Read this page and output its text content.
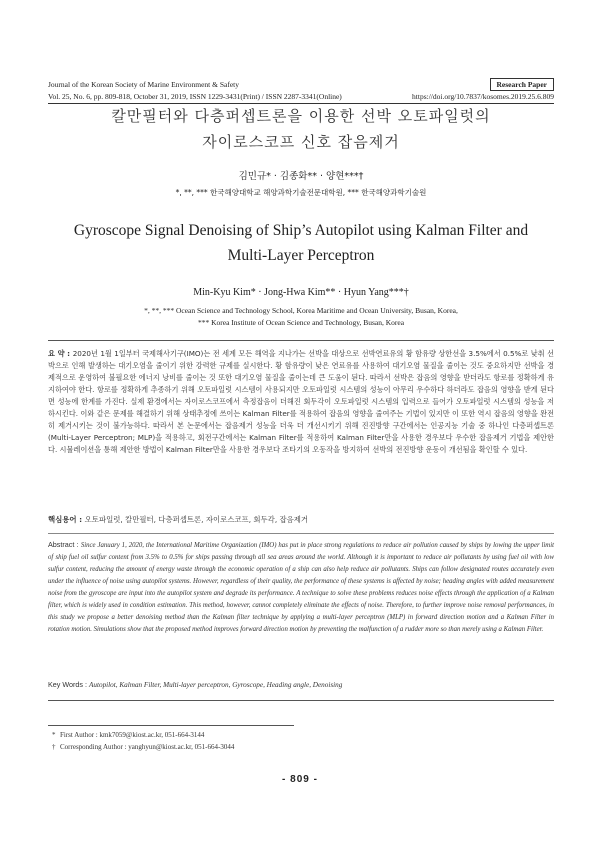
Journal of the Korean Society of Marine Environment & Safety	Research Paper
Vol. 25, No. 6, pp. 809-818, October 31, 2019, ISSN 1229-3431(Print) / ISSN 2287-3341(Online)	https://doi.org/10.7837/kosomes.2019.25.6.809
칼만필터와 다층퍼셉트론을 이용한 선박 오토파일럿의
자이로스코프 신호 잡음제거
김민규* · 김종화** · 양현***†
*, **, *** 한국해양대학교 해양과학기술전문대학원, *** 한국해양과학기술원
Gyroscope Signal Denoising of Ship’s Autopilot using Kalman Filter and
Multi-Layer Perceptron
Min-Kyu Kim* · Jong-Hwa Kim** · Hyun Yang***†
*, **, *** Ocean Science and Technology School, Korea Maritime and Ocean University, Busan, Korea,
*** Korea Institute of Ocean Science and Technology, Busan, Korea
요 약 : 2020년 1월 1일부터 국제해사기구(IMO)는 전 세계 모든 해역을 지나가는 선박을 대상으로 선박연료유의 황 함유량 상한선을 3.5%에서 0.5%로 낮춰 선박으로 인해 발생하는 대기오염을 줄이기 위한 강력한 규제를 실시한다. 황 함유량이 낮은 연료유를 사용하여 대기오염 물질을 줄이는 것도 중요하지만 선박을 경제적으로 운영하여 불필요한 에너지 낭비를 줄이는 것 또한 대기오염 물질을 줄이는데 큰 도움이 된다. 따라서 선박은 잡음의 영향을 받더라도 항로를 정확하게 유지하여야 한다. 항로를 정확하게 추종하기 위해 오토파일럿 시스템이 사용되지만 오토파일럿 시스템의 성능이 아무리 우수하다 하더라도 잡음의 영향을 받게 된다면 성능에 한계를 가진다. 실제 환경에서는 자이로스코프에서 측정잡음이 더해진 회두각이 오토파일럿 시스템의 입력으로 들어가 오토파일럿 시스템의 성능을 저하시킨다. 이와 같은 문제를 해결하기 위해 상태추정에 쓰이는 Kalman Filter를 적용하여 잡음의 영향을 줄여주는 기법이 있지만 이 또한 역시 잡음의 영향을 완전히 제거시키는 것이 불가능하다. 따라서 본 논문에서는 잡음제거 성능을 더욱 더 개선시키기 위해 진진방향 구간에서는 인공지능 기술 중 하나인 다층퍼셉트론(Multi-Layer Perceptron; MLP)을 적용하고, 회전구간에서는 Kalman Filter를 적용하여 Kalman Filter만을 사용한 경우보다 우수한 잡음제거 기법을 제안한다. 시뮬레이션을 통해 제안한 방법이 Kalman Filter만을 사용한 경우보다 조타기의 오동작을 방지하여 선박의 전진방향 운동이 개선됨을 확인할 수 있다.
핵심용어 : 오토파일럿, 칼만필터, 다층퍼셉트론, 자이로스코프, 회두각, 잡음제거
Abstract : Since January 1, 2020, the International Maritime Organization (IMO) has put in place strong regulations to reduce air pollution caused by ships by lowing the upper limit of ship fuel oil sulfur content from 3.5% to 0.5% for ships passing through all sea areas around the world. Although it is important to reduce air pollutants by using fuel oil with low sulfur content, reducing the amount of energy waste through the economic operation of a ship can also help reduce air pollutants. Ships can follow designated routes accurately even under the influence of noise using autopilot systems. However, regardless of their quality, the performance of these systems is affected by noise; heading angles with added measurement noise from the gyroscope are input into the autopilot system and degrade its performance. A technique to solve these problems reduces noise effects through the application of a Kalman filter, which is widely used in condition estimation. This method, however, cannot completely eliminate the effects of noise. Therefore, to further improve noise removal performances, in this study we propose a better denoising method than the Kalman filter technique by applying a multi-layer perceptron (MLP) in forward direction motion and a Kalman Filter in rotation motion. Simulations show that the proposed method improves forward direction motion by preventing the malfunction of a rudder more so than merely using a Kalman Filter.
Key Words : Autopilot, Kalman Filter, Multi-layer perceptron, Gyroscope, Heading angle, Denoising
* First Author : kmk7059@kiost.ac.kr, 051-664-3144
† Corresponding Author : yanghyun@kiost.ac.kr, 051-664-3044
- 809 -
